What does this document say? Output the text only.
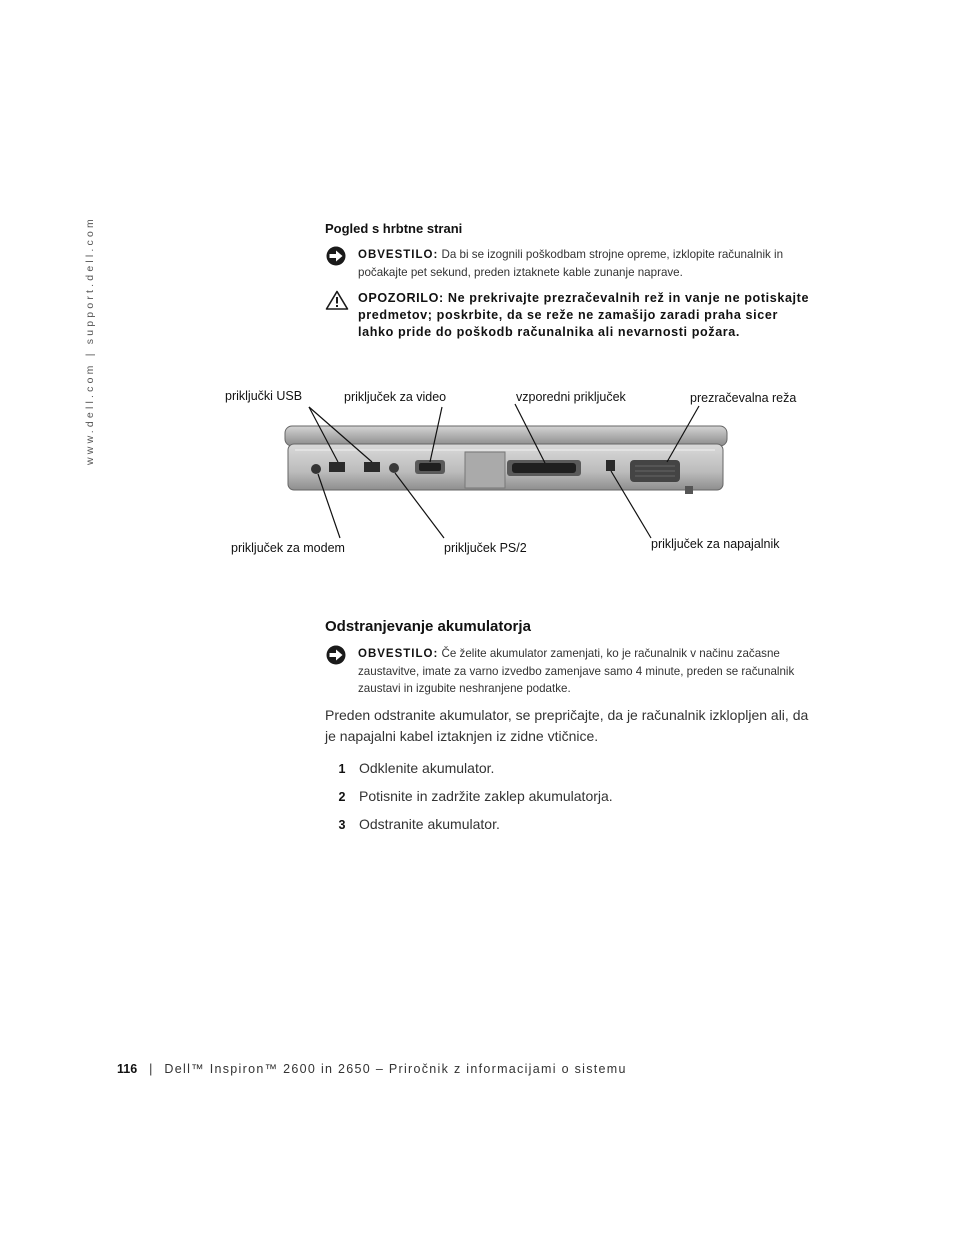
www.dell.com | support.dell.com	Pogled s hrbtne strani
OBVESTILO: Da bi se izognili poškodbam strojne opreme, izklopite računalnik in počakajte pet sekund, preden iztaknete kable zunanje naprave.
OPOZORILO: Ne prekrivajte prezračevalnih rež in vanje ne potiskajte predmetov; poskrbite, da se reže ne zamašijo zaradi praha sicer lahko pride do poškodb računalnika ali nevarnosti požara.
priključki USB	priključek za video	vzporedni priključek	prezračevalna reža
priključek za modem	priključek PS/2	priključek za napajalnik
Odstranjevanje akumulatorja
OBVESTILO: Če želite akumulator zamenjati, ko je računalnik v načinu začasne zaustavitve, imate za varno izvedbo zamenjave samo 4 minute, preden se računalnik zaustavi in izgubite neshranjene podatke.
Preden odstranite akumulator, se prepričajte, da je računalnik izklopljen ali, da je napajalni kabel iztaknjen iz zidne vtičnice.
1 Odklenite akumulator.
2 Potisnite in zadržite zaklep akumulatorja.
3 Odstranite akumulator.
116 | Dell™ Inspiron™ 2600 in 2650 – Priročnik z informacijami o sistemu
